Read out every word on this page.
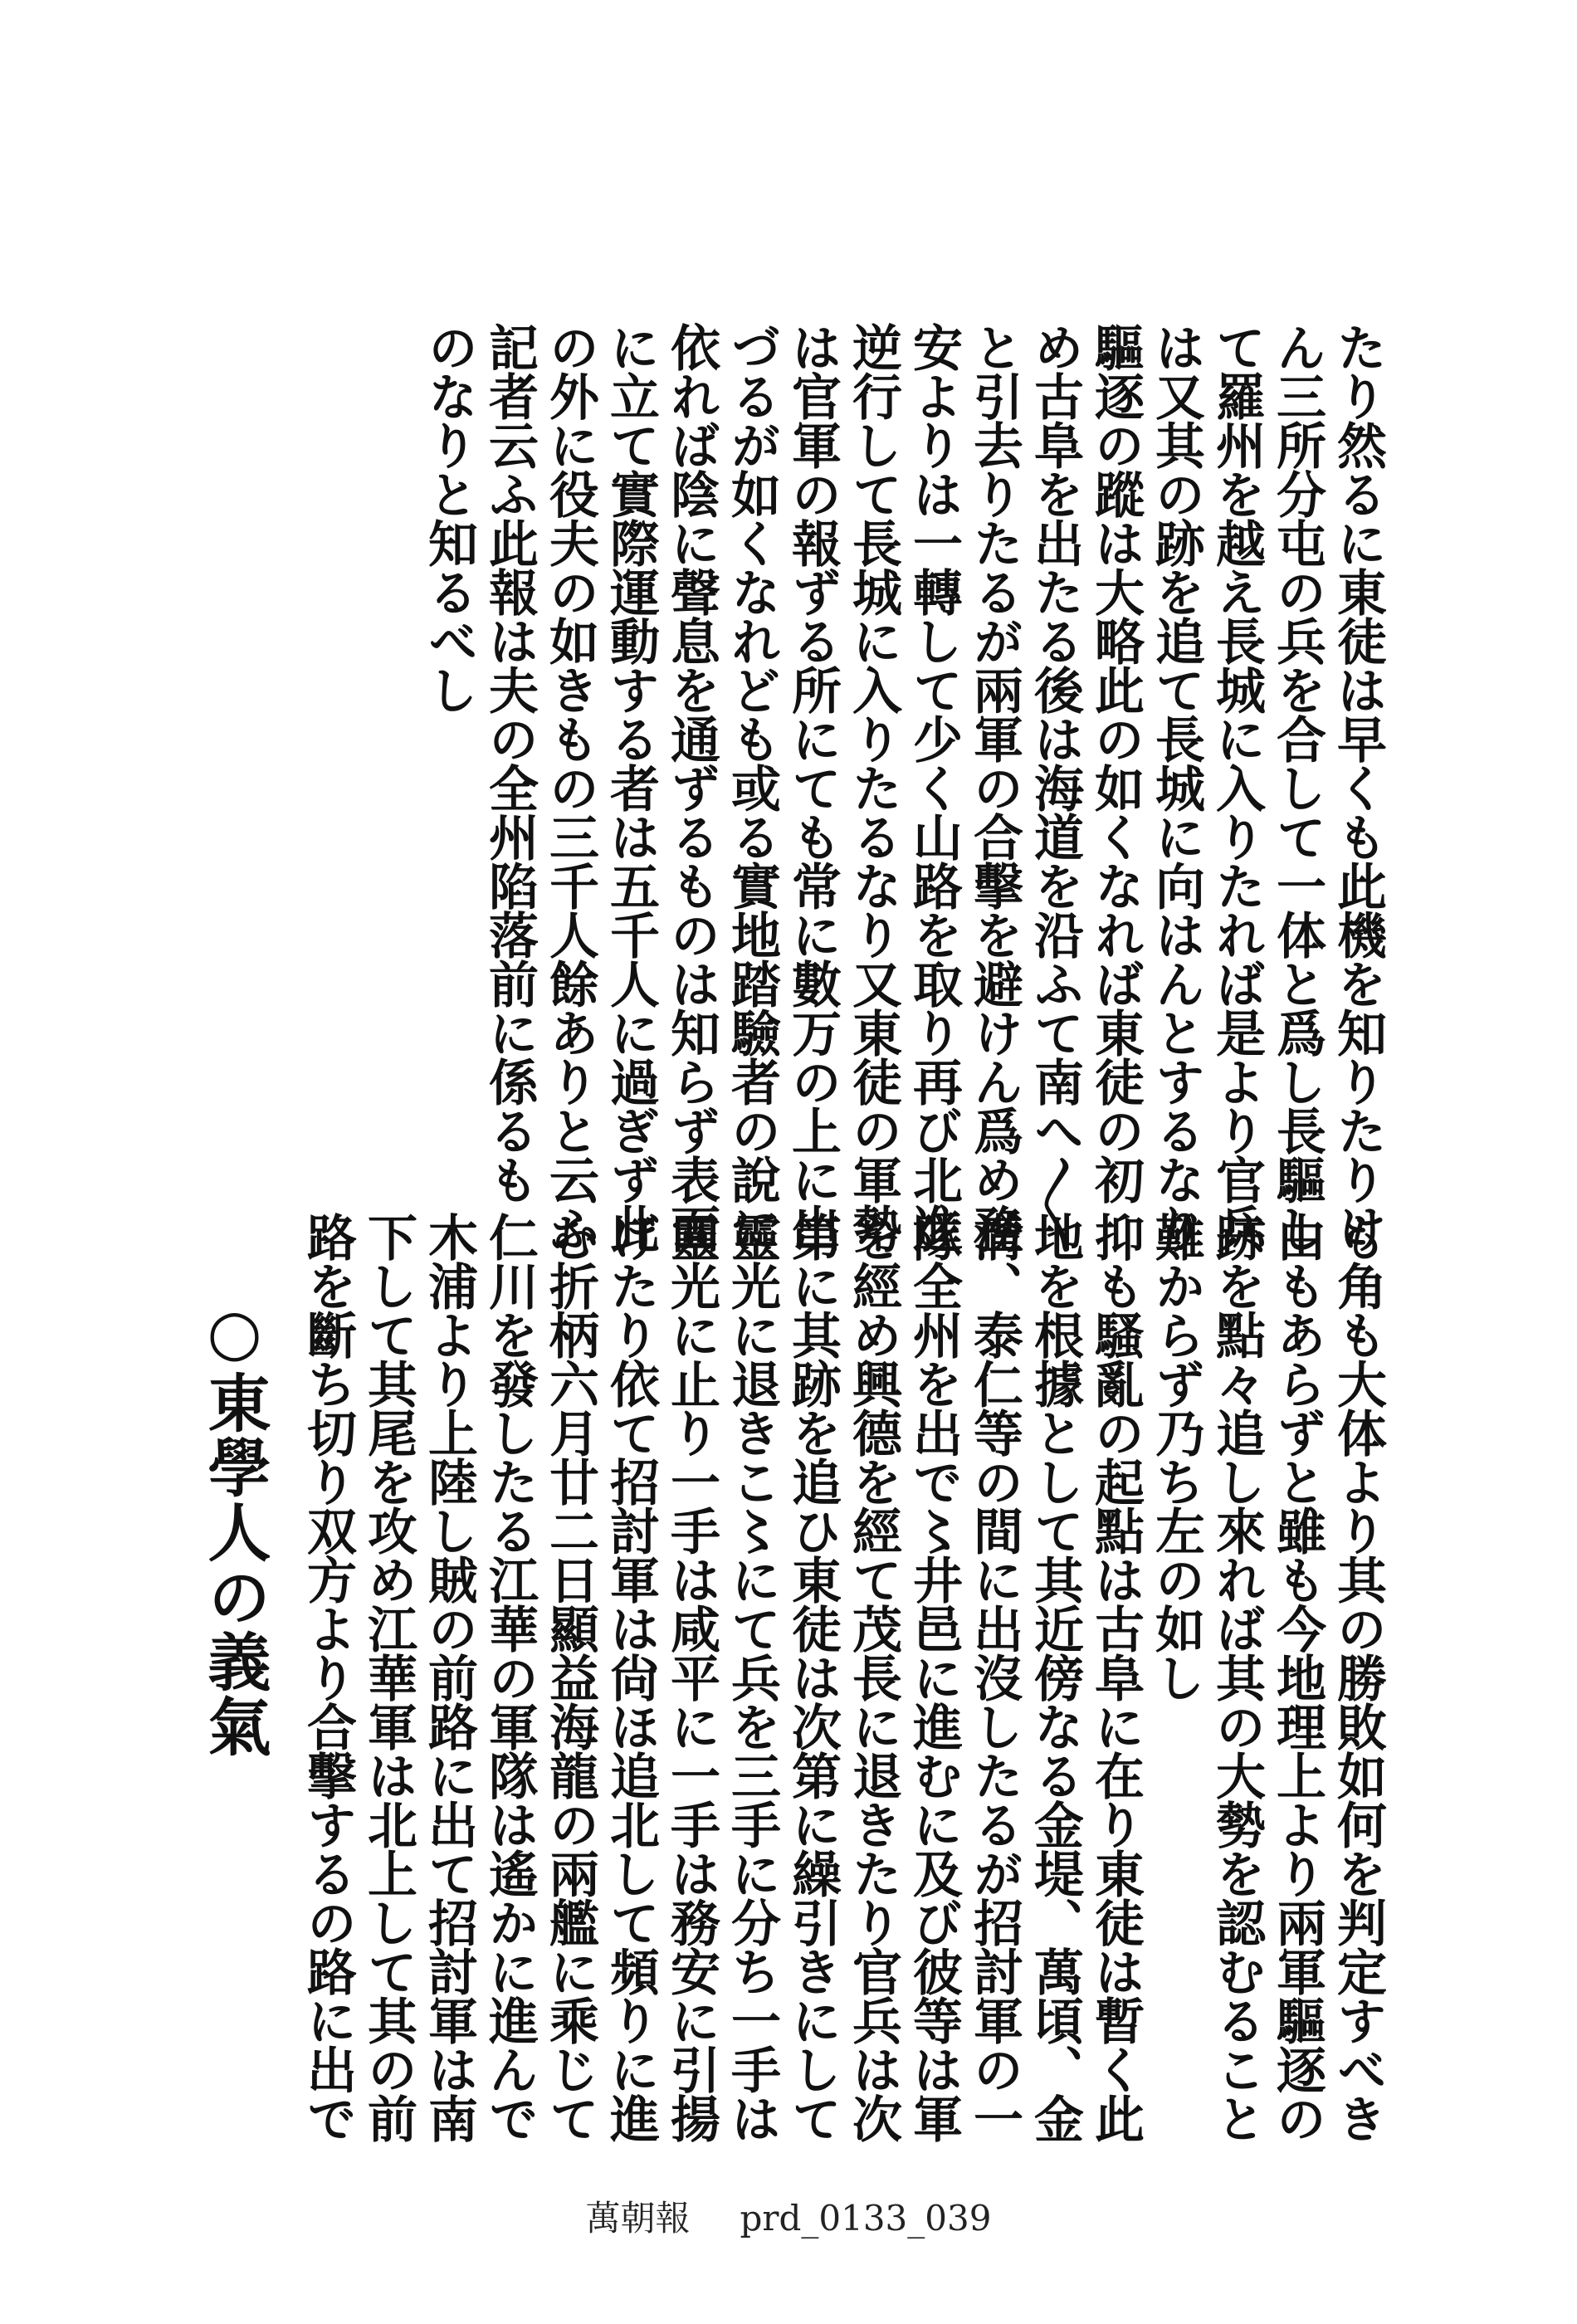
たり然るに東徒は早くも此機を知りたりけ
ん三所分屯の兵を合して一体と爲し長驅し
て羅州を越え長城に入りたれば是より官兵
は又其の跡を追て長城に向はんとするなり
驅逐の蹤は大略此の如くなれば東徒の初
め古阜を出たる後は海道を沿ふて南へ〳〵
と引去りたるが兩軍の合擊を避けん爲め務
安よりは一轉して少く山路を取り再び北進
逆行して長城に入りたるなり又東徒の軍勢
は官軍の報ずる所にても常に數万の上に出
づるが如くなれども或る實地踏驗者の說に
依れば陰に聲息を通ずるものは知らず表面
に立て實際運動する者は五千人に過ぎず此
の外に役夫の如きもの三千人餘ありと云ふ
記者云ふ此報は夫の全州陷落前に係るも
のなりと知るべし
○東學人の義氣	も角も大体より其の勝敗如何を判定すべき
由もあらずと雖も今地理上より兩軍驅逐の
跡を點々追し來れば其の大勢を認むること
難からず乃ち左の如し
抑も騷亂の起點は古阜に在り東徒は暫く此
地を根據として其近傍なる金堤、萬頃、金
溝、泰仁等の間に出沒したるが招討軍の一
隊全州を出で〻井邑に進むに及び彼等は軍
を經め興德を經て茂長に退きたり官兵は次
第に其跡を追ひ東徒は次第に繰引きにして
靈光に退きこ〻にて兵を三手に分ち一手は
靈光に止り一手は咸平に一手は務安に引揚
げたり依て招討軍は尙ほ追北して頻りに進
む折柄六月廿二日顯益海龍の兩艦に乘じて
仁川を發したる江華の軍隊は遙かに進んで
木浦より上陸し賊の前路に出て招討軍は南
下して其尾を攻め江華軍は北上して其の前
路を斷ち切り双方より合擊するの路に出で
萬朝報 prd_0133_039
